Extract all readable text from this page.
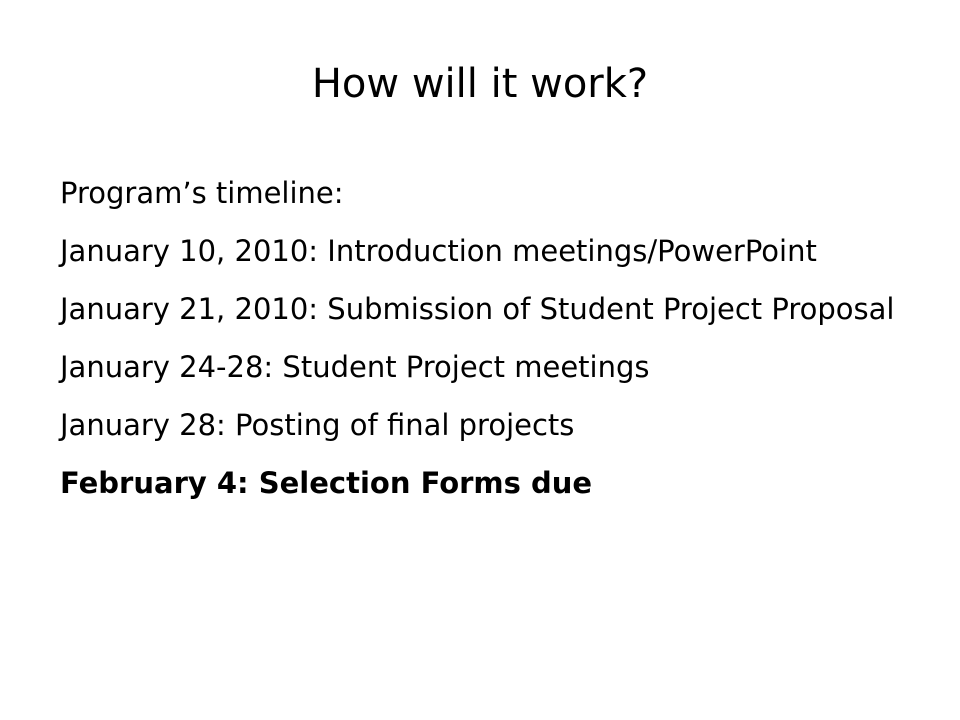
How will it work?
Program’s timeline:
January 10, 2010: Introduction meetings/PowerPoint
January 21, 2010: Submission of Student Project Proposal
January 24-28: Student Project meetings
January 28: Posting of final projects
February 4: Selection Forms due
